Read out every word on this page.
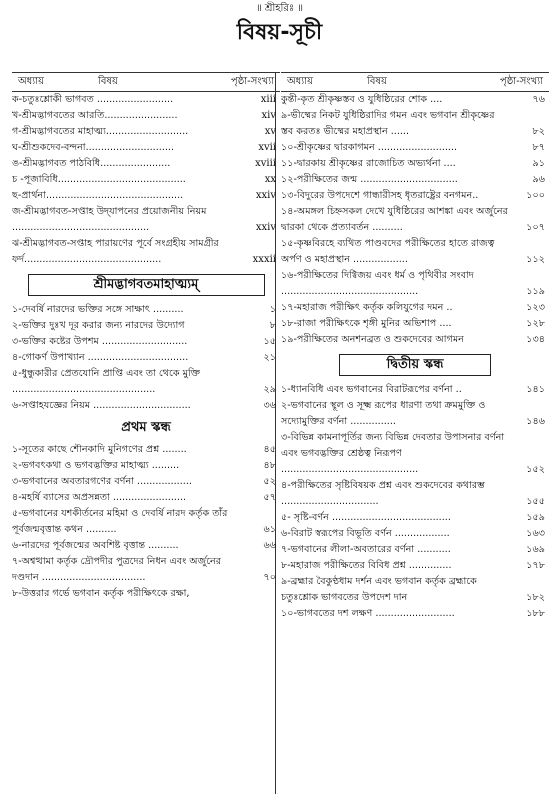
॥ শ্রীহরিঃ ॥
বিষয়-সূচী
অধ্যায়	বিষয়	পৃষ্ঠা-সংখ্যা
ক-চতুঃশ্লোকী ভাগবত .........................	xiii
খ-শ্রীমদ্ভাগবতের আরতি........................	xiv
গ-শ্রীমদ্ভাগবতের মাহাত্ম্য...........................	xv
ঘ-শ্রীশুকদেব-বন্দনা.............................	xvii
ঙ-শ্রীমদ্ভাগবত পাঠবিধি.......................	xviii
চ -পূজাবিধি..........................................	xx
ছ-প্রার্থনা.............................................	xxiv
জ-শ্রীমদ্ভাগবত-সপ্তাহ উদ্‌যাপনের প্রয়োজনীয় নিয়ম .............................................	xxiv
ঝ-শ্রীমদ্ভাগবত-সপ্তাহ পারায়ণের পূর্বে সংগ্রহীয় সামগ্রীর ফর্দ.............................................	xxxii
শ্রীমদ্ভাগবতমাহাত্ম্যম্
১-দেবর্ষি নারদের ভক্তির সঙ্গে সাক্ষাৎ ..........	১
২-ভক্তির দুঃখ দূর করার জন্য নারদের উদ্যোগ	৮
৩-ভক্তির কষ্টের উপশম ............................	১৫
৪-গোকর্ণ উপাখ্যান .................................	২১
৫-ধুন্ধুকারীর প্রেতযোনি প্রাপ্তি এবং তা থেকে মুক্তি ...............................................	২৯
৬-সপ্তাহযজ্ঞের নিয়ম ................................	৩৬
প্রথম স্কন্ধ
১-সূতের কাছে শৌনকাদি মুনিগণের প্রশ্ন ........	৪৫
২-ভগবৎকথা ও ভগবদ্ভক্তির মাহাত্ম্য .........	৪৮
৩-ভগবানের অবতারগণের বর্ণনা ..................	৫২
৪-মহর্ষি ব্যাসের অপ্রসন্নতা ........................	৫৭
৫-ভগবানের যশকীর্তনের মহিমা ও দেবর্ষি নারদ কর্তৃক তাঁর পূর্বজন্মবৃত্তান্ত কথন ..........	৬১
৬-নারদের পূর্বজন্মের অবশিষ্ট বৃত্তান্ত ..........	৬৬
৭-অশ্বত্থামা কর্তৃক দ্রৌপদীর পুত্রদের নিধন এবং অর্জুনের দণ্ডদান ..................................	৭০
৮-উত্তরার গর্ভে ভগবান কর্তৃক পরীক্ষিৎকে রক্ষা,
অধ্যায়	বিষয়	পৃষ্ঠা-সংখ্যা
কুন্তী-কৃত শ্রীকৃষ্ণস্তব ও যুধিষ্ঠিরের শোক ....	৭৬
৯-ভীষ্মের নিকট যুধিষ্ঠিরাদির গমন এবং ভগবান শ্রীকৃষ্ণের স্তব করতঃ ভীষ্মের মহাপ্রস্থান ......	৮২
১০-শ্রীকৃষ্ণের দ্বারকাগমন ..........................	৮৭
১১-দ্বারকায় শ্রীকৃষ্ণের রাজোচিত অভ্যর্থনা ....	৯১
১২-পরীক্ষিতের জন্ম ................................	৯৬
১৩-বিদুরের উপদেশে গান্ধারীসহ ধৃতরাষ্ট্রের বনগমন..	১০০
১৪-অমঙ্গল চিহ্নসকল দেখে যুধিষ্ঠিরের আশঙ্কা এবং অর্জুনের দ্বারকা থেকে প্রত্যাবর্তন ..........	১০৭
১৫-কৃষ্ণবিরহে ব্যথিত পাণ্ডবদের পরীক্ষিতের হাতে রাজত্ব অর্পণ ও মহাপ্রস্থান ..................	১১২
১৬-পরীক্ষিতের দিগ্বিজয় এবং ধর্ম ও পৃথিবীর সংবাদ .............................................	১১৯
১৭-মহারাজ পরীক্ষিৎ কর্তৃক কলিযুগের দমন ..	১২৩
১৮-রাজা পরীক্ষিৎকে শৃঙ্গী মুনির অভিশাপ ....	১২৮
১৯-পরীক্ষিতের অনশনব্রত ও শুকদেবের আগমন	১৩৪
দ্বিতীয় স্কন্ধ
১-ধ্যানবিধি এবং ভগবানের বিরাটরূপের বর্ণনা ..	১৪১
২-ভগবানের স্থূল ও সূক্ষ্ম রূপের ধারণা তথা ক্রমমুক্তি ও সদ্যোমুক্তির বর্ণনা ...............	১৪৬
৩-বিভিন্ন কামনাপূর্তির জন্য বিভিন্ন দেবতার উপাসনার বর্ণনা এবং ভগবদ্ভক্তির শ্রেষ্ঠত্ব নিরূপণ .............................................	১৫২
৪-পরীক্ষিতের সৃষ্টিবিষয়ক প্রশ্ন এবং শুকদেবের কথারম্ভ ................................	১৫৫
৫- সৃষ্টি-বর্ণন .......................................	১৫৯
৬-বিরাট স্বরূপের বিভূতি বর্ণন ..................	১৬৩
৭-ভগবানের লীলা-অবতারের বর্ণনা ...........	১৬৯
৮-মহারাজ পরীক্ষিতের বিবিধ প্রশ্ন ..............	১৭৮
৯-ব্রহ্মার বৈকুণ্ঠধাম দর্শন এবং ভগবান কর্তৃক ব্রহ্মাকে চতুঃশ্লোক ভাগবতের উপদেশ দান	১৮২
১০-ভাগবতের দশ লক্ষণ ..........................	১৮৮
